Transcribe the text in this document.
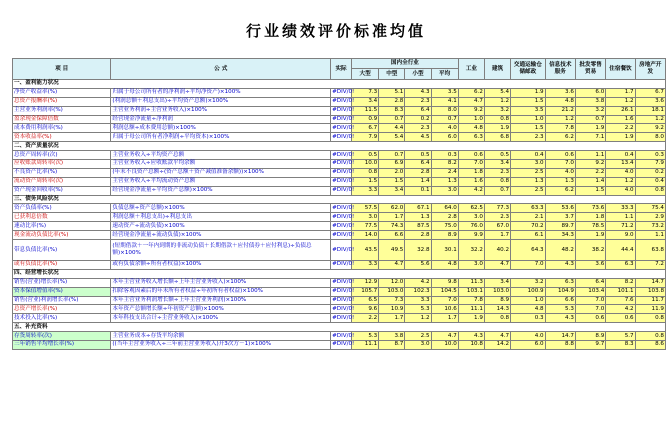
行业绩效评价标准均值
项 目	公 式	实际	国内全行业				工业	建筑	交通运输仓储邮政	信息技术服务	批发零售贸易	住宿餐饮	房地产开发
			大型	中型	小型	平均							
一、盈利能力状况													
净资产收益率(%)	归属于母公司所有者的净利润÷平均净资产)×100%	#DIV/0!	7.3	5.1	4.3	3.5	6.2	5.4	1.9	3.6	6.0	1.7	6.7
总资产报酬率(%)	(利润总额＋利息支出)÷平均资产总额)×100%	#DIV/0!	3.4	2.8	2.3	4.1	4.7	1.2	1.5	4.8	3.8	1.2	3.6
主营业务利润率(%)	主营业务利润÷主营业务收入)×100%	#DIV/0!	11.5	8.3	6.4	8.0	9.2	3.2	3.5	21.2	3.2	26.1	18.1
盈余现金保障倍数	经营现金净流量÷净利润	#DIV/0!	0.9	0.7	0.2	0.7	1.0	0.8	1.0	1.2	0.7	1.6	1.2
成本费用利润率(%)	利润总额÷成本费用总额)×100%	#DIV/0!	6.7	4.4	2.3	4.0	4.8	1.9	1.5	7.8	1.9	2.2	9.2
资本收益率(%)	归属于母公司所有者净利润÷平均资本)×100%	#DIV/0!	7.9	5.4	4.5	6.0	6.3	6.8	2.3	6.2	7.1	1.9	8.0
二、资产质量状况													
总资产周转率(次)	主营业务收入÷平均资产总额	#DIV/0!	0.5	0.7	0.5	0.3	0.6	0.5	0.4	0.6	1.1	0.4	0.3
应收账款周转率(次)	主营业务收入÷应收账款平均余额	#DIV/0!	10.0	6.9	6.4	8.2	7.0	3.4	3.0	7.0	9.2	13.4	7.9
不良资产比率(%)	(年末不良资产总额÷(资产总额＋资产减值准备余额))×100%	#DIV/0!	0.8	2.0	2.8	2.4	1.8	2.3	2.5	4.0	2.2	4.0	0.2
流动资产周转率(次)	主营业务收入÷平均流动资产总额	#DIV/0!	1.5	1.5	1.4	1.3	1.6	0.8	1.3	1.3	1.4	1.2	0.4
资产现金回收率(%)	经营现金净流量÷平均资产总额)×100%	#DIV/0!	3.3	3.4	0.1	3.0	4.2	0.7	2.5	6.2	1.5	4.0	0.8
三、债务风险状况													
资产负债率(%)	负债总额÷资产总额)×100%	#DIV/0!	57.5	62.0	67.1	64.0	62.5	77.3	63.3	53.6	73.6	33.3	75.4
已获利息倍数	利润总额＋利息支出)÷利息支出	#DIV/0!	3.0	1.7	1.3	2.8	3.0	2.3	2.1	3.7	1.8	1.1	2.9
速动比率(%)	速动资产÷流动负债)×100%	#DIV/0!	77.5	74.3	87.5	75.0	76.0	67.0	70.2	89.7	78.5	71.2	73.2
现金流动负债比率(%)	经营现金净流量÷流动负债)×100%	#DIV/0!	14.0	6.6	2.8	8.9	9.9	1.7	6.1	34.3	1.9	9.0	1.1
带息负债比率(%)	(短期借款＋一年内到期的非流动负债＋长期借款＋应付债券＋应付利息)÷负债总额)×100%	#DIV/0!	43.5	49.5	32.8	30.1	32.2	40.2	64.3	48.2	38.2	44.4	63.8
或有负债比率(%)	或有负债余额÷所有者权益)×100%	#DIV/0!	3.3	4.7	5.6	4.8	3.0	4.7	7.0	4.3	3.6	6.3	7.2
四、经营增长状况													
销售(营业)增长率(%)	本年主营业务收入增长额÷上年主营业务收入)×100%	#DIV/0!	12.9	12.0	4.2	9.8	11.3	3.4	3.2	6.3	6.4	8.2	14.7
资本保值增值率(%)	扣除客观因素后的年末所有者权益÷年初所有者权益)×100%	#DIV/0!	105.7	103.0	102.3	104.5	103.1	103.0	100.9	104.9	103.4	101.1	103.8
销售(营业)利润增长率(%)	本年主营业务利润增长额÷上年主营业务利润)×100%	#DIV/0!	6.5	7.3	3.3	7.0	7.8	8.9	1.0	6.6	7.0	7.6	11.7
总资产增长率(%)	本年资产总额增长额÷年初资产总额)×100%	#DIV/0!	9.6	10.9	5.3	10.6	11.1	14.3	4.8	5.3	7.0	4.2	11.9
技术投入比率(%)	本年科技支出合计÷主营业务收入)×100%	#DIV/0!	2.2	1.7	1.2	1.7	1.9	0.8	0.3	4.3	0.6	0.6	0.8
五、补充资料													
存货周转率(次)	主营业务成本÷存货平均余额	#DIV/0!	5.3	3.8	2.5	4.7	4.3	4.7	4.0	14.7	8.9	5.7	0.8
三年销售平均增长率(%)	((当年主营业务收入÷三年前主营业务收入)开3次方－1)×100%	#DIV/0!	11.1	8.7	3.0	10.0	10.8	14.2	6.0	8.8	9.7	8.3	8.6
